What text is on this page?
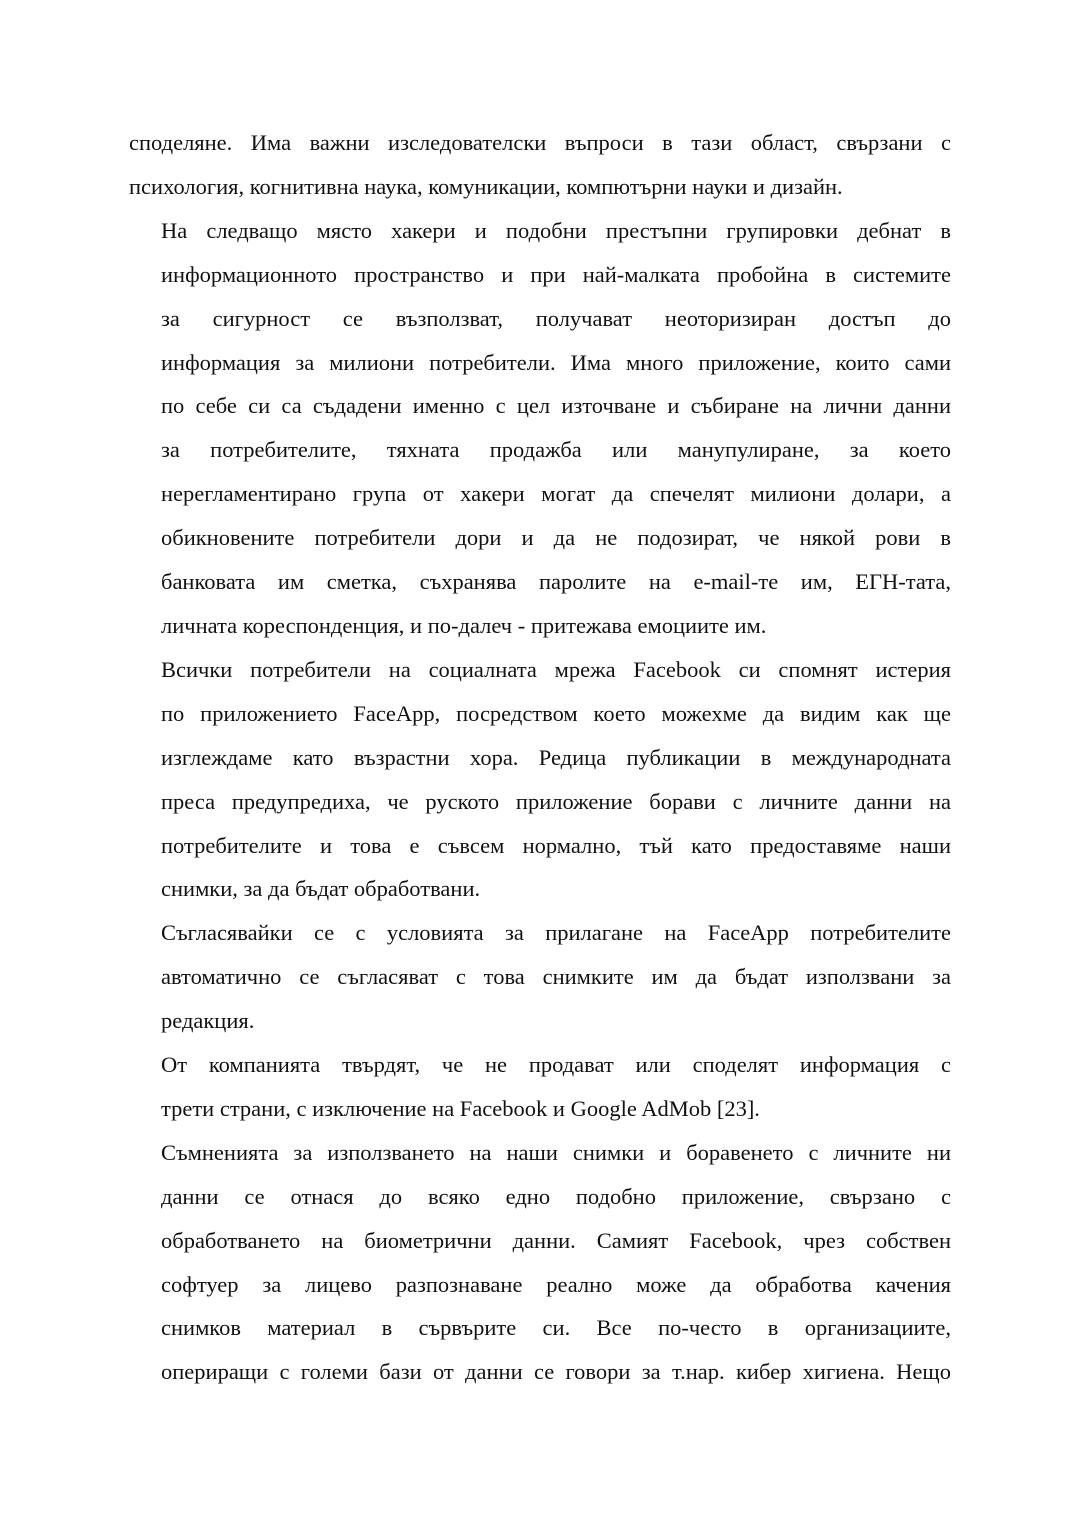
споделяне. Има важни изследователски въпроси в тази област, свързани с
психология, когнитивна наука, комуникации, компютърни науки и дизайн.

На следващо място хакери и подобни престъпни групировки дебнат в
информационното пространство и при най-малката пробойна в системите
за сигурност се възползват, получават неоторизиран достъп до
информация за милиони потребители. Има много приложение, които сами
по себе си са съдадени именно с цел източване и събиране на лични данни
за потребителите, тяхната продажба или манупулиране, за което
нерегламентирано група от хакери могат да спечелят милиони долари, а
обикновените потребители дори и да не подозират, че някой рови в
банковата им сметка, съхранява паролите на e-mail-те им, ЕГН-тата,
личната кореспонденция, и по-далеч - притежава емоциите им.

Всички потребители на социалната мрежа Facebook си спомнят истерия
по приложението FaceApp, посредством което можехме да видим как ще
изглеждаме като възрастни хора. Редица публикации в международната
преса предупредиха, че руското приложение борави с личните данни на
потребителите и това е съвсем нормално, тъй като предоставяме наши
снимки, за да бъдат обработвани.

Съгласявайки се с условията за прилагане на FaceApp потребителите
автоматично се съгласяват с това снимките им да бъдат използвани за
редакция.

От компанията твърдят, че не продават или споделят информация с
трети страни, с изключение на Facebook и Google AdMob [23].

Съмненията за използването на наши снимки и боравенето с личните ни
данни се отнася до всяко едно подобно приложение, свързано с
обработването на биометрични данни. Самият Facebook, чрез собствен
софтуер за лицево разпознаване реално може да обработва качения
снимков материал в сървърите си. Все по-често в организациите,
опериращи с големи бази от данни се говори за т.нар. кибер хигиена. Нещо
